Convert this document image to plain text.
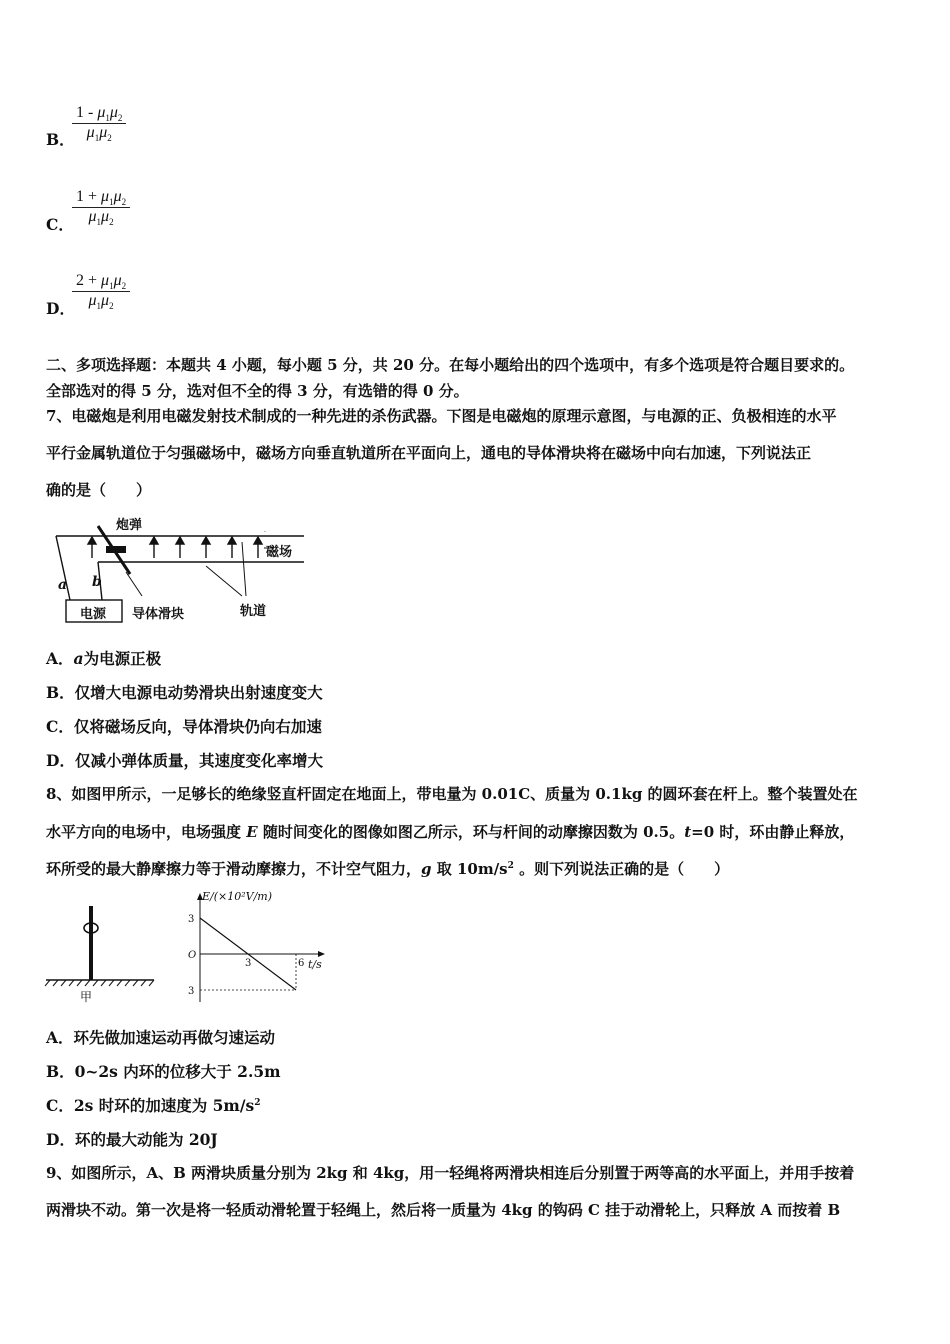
B．
$\frac{1 - \mu_1\mu_2}{\mu_1\mu_2}$
C．
$\frac{1 + \mu_1\mu_2}{\mu_1\mu_2}$
D．
$\frac{2 + \mu_1\mu_2}{\mu_1\mu_2}$
二、多项选择题：本题共 4 小题，每小题 5 分，共 20 分。在每小题给出的四个选项中，有多个选项是符合题目要求的。
全部选对的得 5 分，选对但不全的得 3 分，有选错的得 0 分。
7、电磁炮是利用电磁发射技术制成的一种先进的杀伤武器。下图是电磁炮的原理示意图，与电源的正、负极相连的水平
平行金属轨道位于匀强磁场中，磁场方向垂直轨道所在平面向上，通电的导体滑块将在磁场中向右加速，下列说法正
确的是（　　）
.
炮弹
磁场
a b
电源 导体滑块	轨道
A．a为电源正极
B．仅增大电源电动势滑块出射速度变大
C．仅将磁场反向，导体滑块仍向右加速
D．仅减小弹体质量，其速度变化率增大
8、如图甲所示，一足够长的绝缘竖直杆固定在地面上，带电量为 0.01C、质量为 0.1kg 的圆环套在杆上。整个装置处在
水平方向的电场中，电场强度 E 随时间变化的图像如图乙所示，环与杆间的动摩擦因数为 0.5。t=0 时，环由静止释放，
环所受的最大静摩擦力等于滑动摩擦力，不计空气阻力，g 取 $10m/s^2$ 。则下列说法正确的是（　　）
甲
E/(×10²V/m)
t/s
O
3
3
3	6
A．环先做加速运动再做匀速运动
B．0~2s 内环的位移大于 2.5m
C．2s 时环的加速度为 $5m/s^2$
D．环的最大动能为 20J
9、如图所示，A、B 两滑块质量分别为 2kg 和 4kg，用一轻绳将两滑块相连后分别置于两等高的水平面上，并用手按着
两滑块不动。第一次是将一轻质动滑轮置于轻绳上，然后将一质量为 4kg 的钩码 C 挂于动滑轮上，只释放 A 而按着 B
